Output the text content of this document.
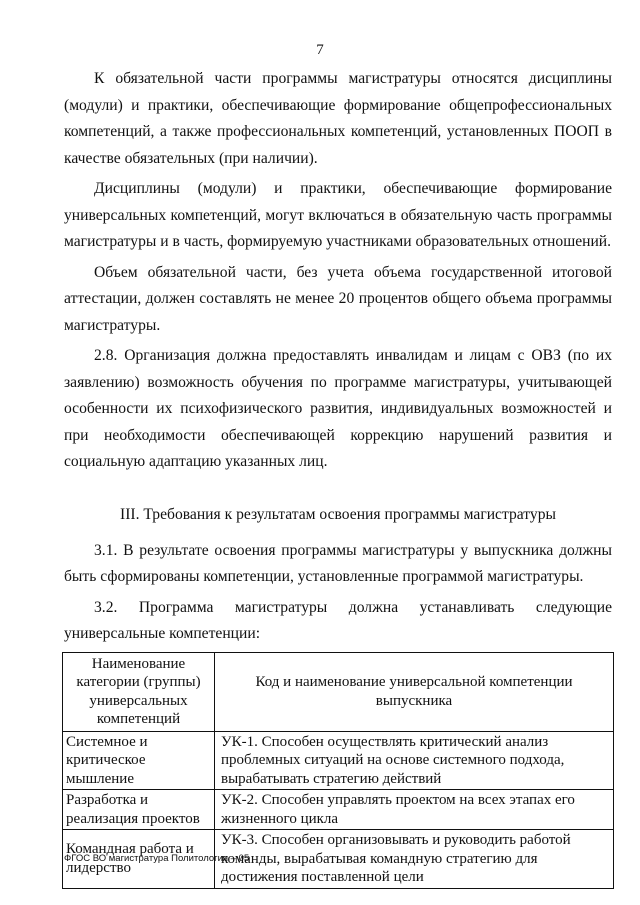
7

К обязательной части программы магистратуры относятся дисциплины (модули) и практики, обеспечивающие формирование общепрофессиональных компетенций, а также профессиональных компетенций, установленных ПООП в качестве обязательных (при наличии).

Дисциплины (модули) и практики, обеспечивающие формирование универсальных компетенций, могут включаться в обязательную часть программы магистратуры и в часть, формируемую участниками образовательных отношений.

Объем обязательной части, без учета объема государственной итоговой аттестации, должен составлять не менее 20 процентов общего объема программы магистратуры.

2.8. Организация должна предоставлять инвалидам и лицам с ОВЗ (по их заявлению) возможность обучения по программе магистратуры, учитывающей особенности их психофизического развития, индивидуальных возможностей и при необходимости обеспечивающей коррекцию нарушений развития и социальную адаптацию указанных лиц.

III. Требования к результатам освоения программы магистратуры

3.1. В результате освоения программы магистратуры у выпускника должны быть сформированы компетенции, установленные программой магистратуры.

3.2. Программа магистратуры должна устанавливать следующие универсальные компетенции:

Наименование категории (группы) универсальных компетенций	Код и наименование универсальной компетенции выпускника
Системное и критическое мышление	УК-1. Способен осуществлять критический анализ проблемных ситуаций на основе системного подхода, вырабатывать стратегию действий
Разработка и реализация проектов	УК-2. Способен управлять проектом на всех этапах его жизненного цикла
Командная работа и лидерство	УК-3. Способен организовывать и руководить работой команды, вырабатывая командную стратегию для достижения поставленной цели
ФГОС ВО магистратура Политология – 05
